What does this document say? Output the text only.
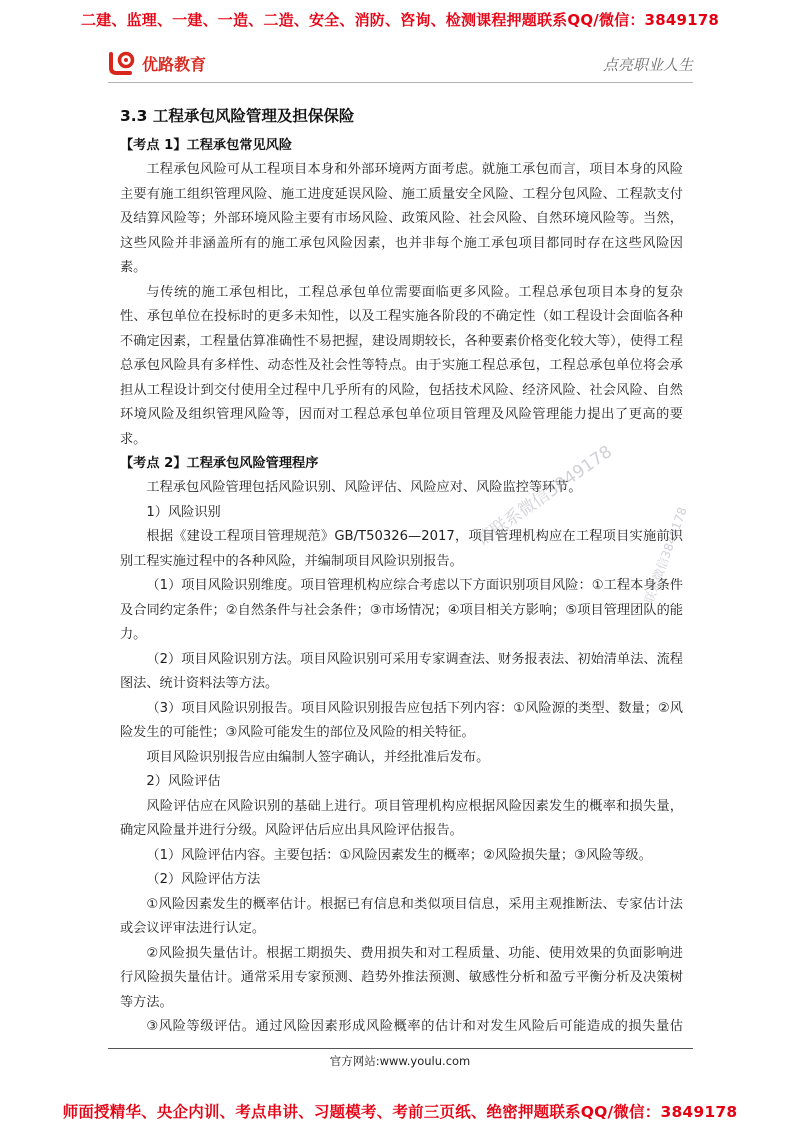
二建、监理、一建、一造、二造、安全、消防、咨询、检测课程押题联系QQ/微信：3849178
优路教育	点亮职业人生
3.3 工程承包风险管理及担保保险
【考点 1】工程承包常见风险

工程承包风险可从工程项目本身和外部环境两方面考虑。就施工承包而言，项目本身的风险主要有施工组织管理风险、施工进度延误风险、施工质量安全风险、工程分包风险、工程款支付及结算风险等；外部环境风险主要有市场风险、政策风险、社会风险、自然环境风险等。当然，这些风险并非涵盖所有的施工承包风险因素，也并非每个施工承包项目都同时存在这些风险因素。

与传统的施工承包相比，工程总承包单位需要面临更多风险。工程总承包项目本身的复杂性、承包单位在投标时的更多未知性，以及工程实施各阶段的不确定性（如工程设计会面临各种不确定因素，工程量估算准确性不易把握，建设周期较长，各种要素价格变化较大等），使得工程总承包风险具有多样性、动态性及社会性等特点。由于实施工程总承包，工程总承包单位将会承担从工程设计到交付使用全过程中几乎所有的风险，包括技术风险、经济风险、社会风险、自然环境风险及组织管理风险等，因而对工程总承包单位项目管理及风险管理能力提出了更高的要求。

【考点 2】工程承包风险管理程序

工程承包风险管理包括风险识别、风险评估、风险应对、风险监控等环节。

1）风险识别

根据《建设工程项目管理规范》GB/T50326—2017，项目管理机构应在工程项目实施前识别工程实施过程中的各种风险，并编制项目风险识别报告。

（1）项目风险识别维度。项目管理机构应综合考虑以下方面识别项目风险：①工程本身条件及合同约定条件；②自然条件与社会条件；③市场情况；④项目相关方影响；⑤项目管理团队的能力。

（2）项目风险识别方法。项目风险识别可采用专家调查法、财务报表法、初始清单法、流程图法、统计资料法等方法。

（3）项目风险识别报告。项目风险识别报告应包括下列内容：①风险源的类型、数量；②风险发生的可能性；③风险可能发生的部位及风险的相关特征。

项目风险识别报告应由编制人签字确认，并经批准后发布。

2）风险评估

风险评估应在风险识别的基础上进行。项目管理机构应根据风险因素发生的概率和损失量，确定风险量并进行分级。风险评估后应出具风险评估报告。

（1）风险评估内容。主要包括：①风险因素发生的概率；②风险损失量；③风险等级。

（2）风险评估方法

①风险因素发生的概率估计。根据已有信息和类似项目信息，采用主观推断法、专家估计法或会议评审法进行认定。

②风险损失量估计。根据工期损失、费用损失和对工程质量、功能、使用效果的负面影响进行风险损失量估计。通常采用专家预测、趋势外推法预测、敏感性分析和盈亏平衡分析及决策树等方法。

③风险等级评估。通过风险因素形成风险概率的估计和对发生风险后可能造成的损失量估

请联系微信3849178
联系微信3849178
官方网站:www.youlu.com
师面授精华、央企内训、考点串讲、习题模考、考前三页纸、绝密押题联系QQ/微信：3849178
